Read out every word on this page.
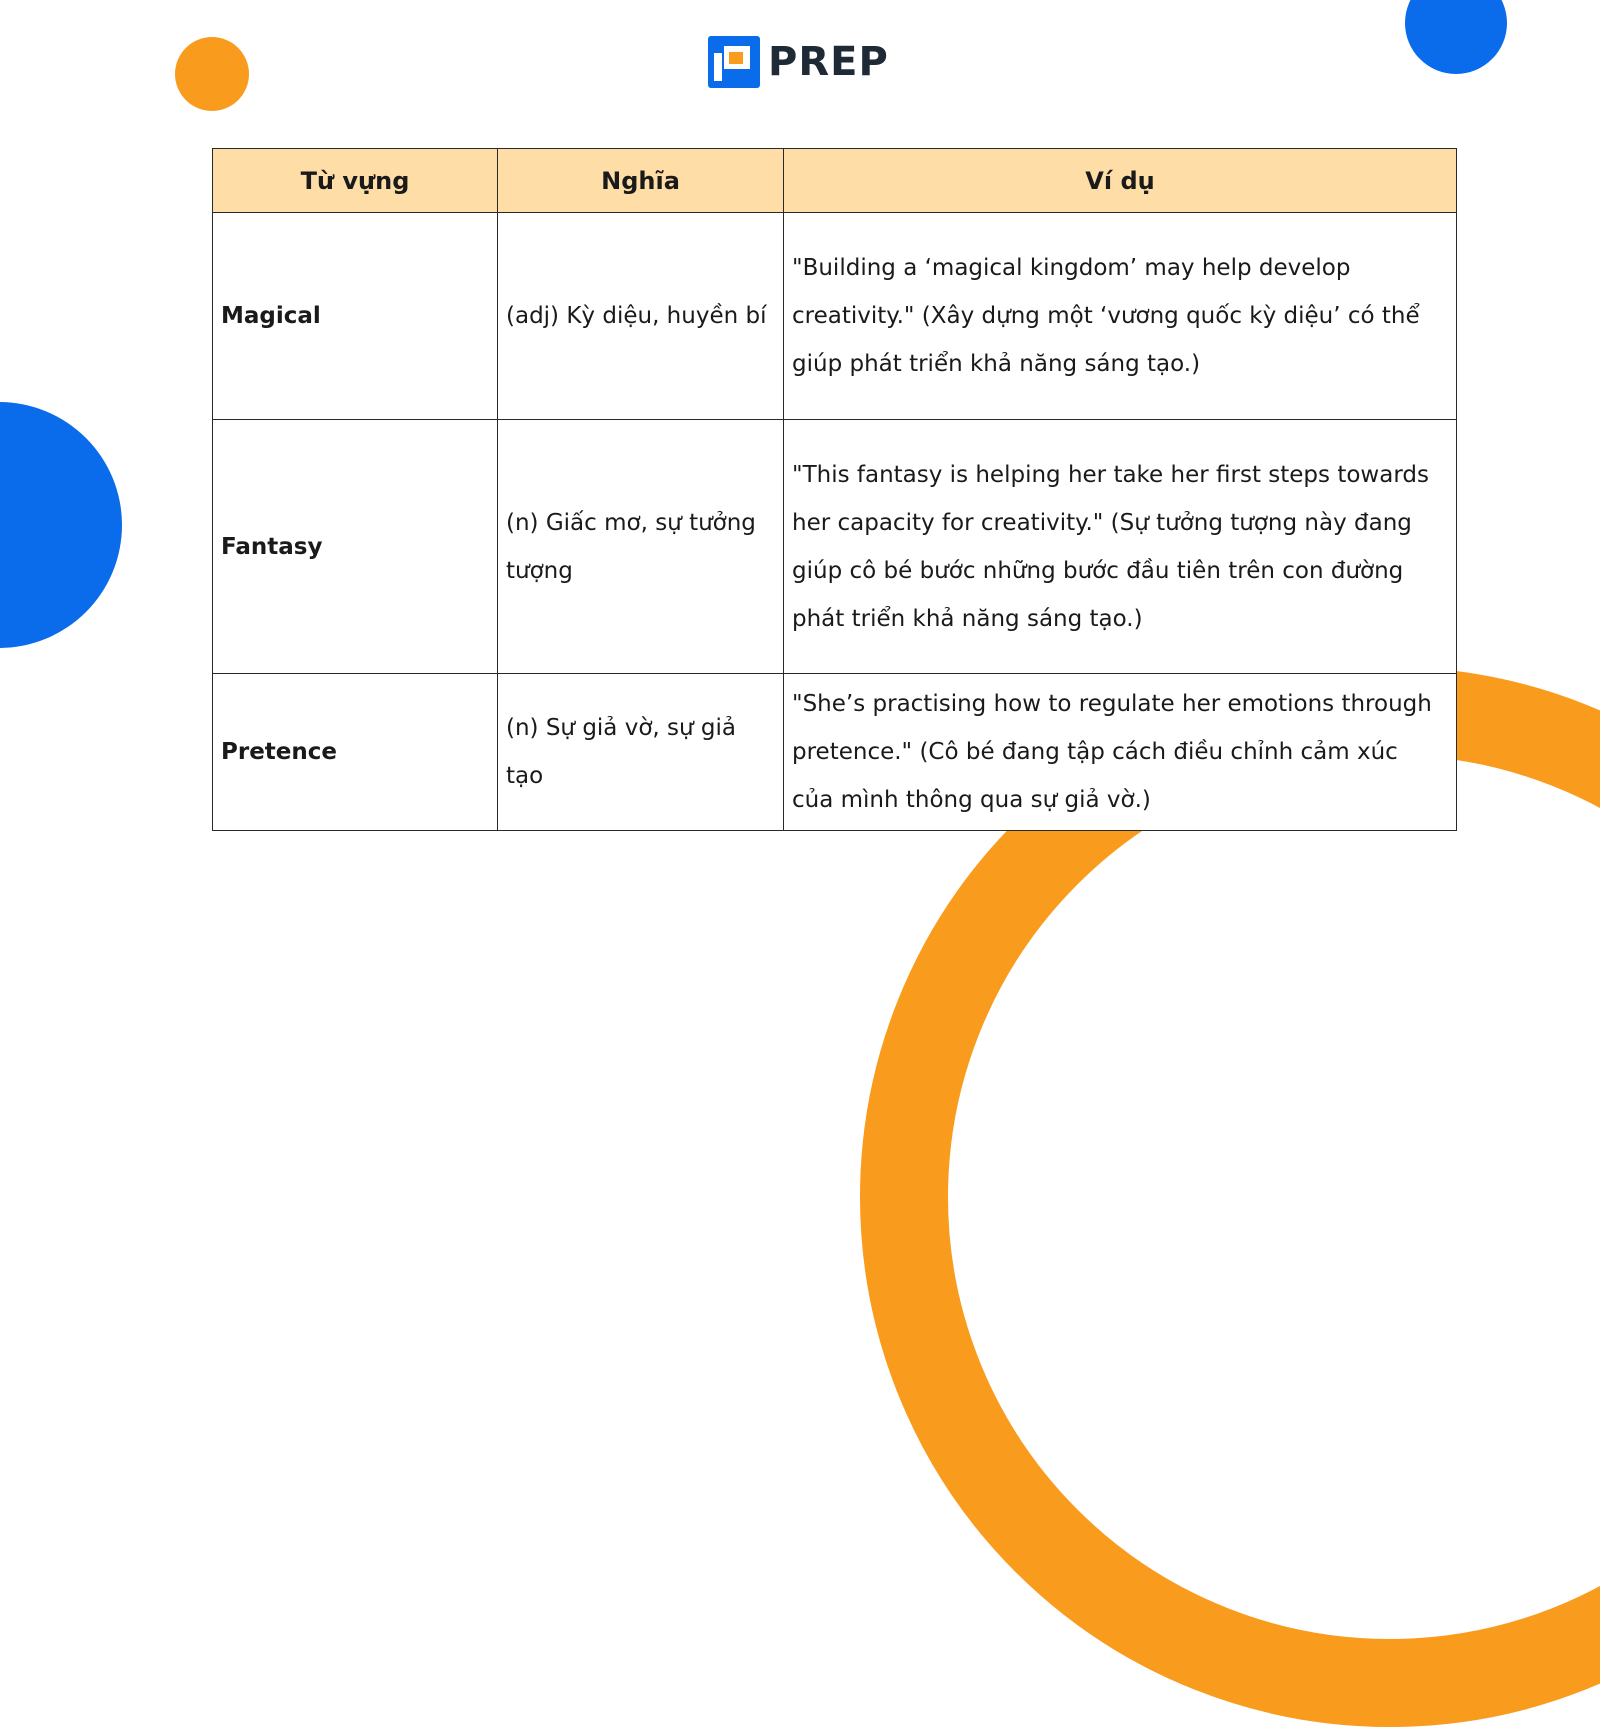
PREP
Từ vựng	Nghĩa	Ví dụ
Magical	(adj) Kỳ diệu, huyền bí	"Building a ‘magical kingdom’ may help develop creativity." (Xây dựng một ‘vương quốc kỳ diệu’ có thể giúp phát triển khả năng sáng tạo.)
Fantasy	(n) Giấc mơ, sự tưởng tượng	"This fantasy is helping her take her first steps towards her capacity for creativity." (Sự tưởng tượng này đang giúp cô bé bước những bước đầu tiên trên con đường phát triển khả năng sáng tạo.)
Pretence	(n) Sự giả vờ, sự giả tạo	"She’s practising how to regulate her emotions through pretence." (Cô bé đang tập cách điều chỉnh cảm xúc của mình thông qua sự giả vờ.)
